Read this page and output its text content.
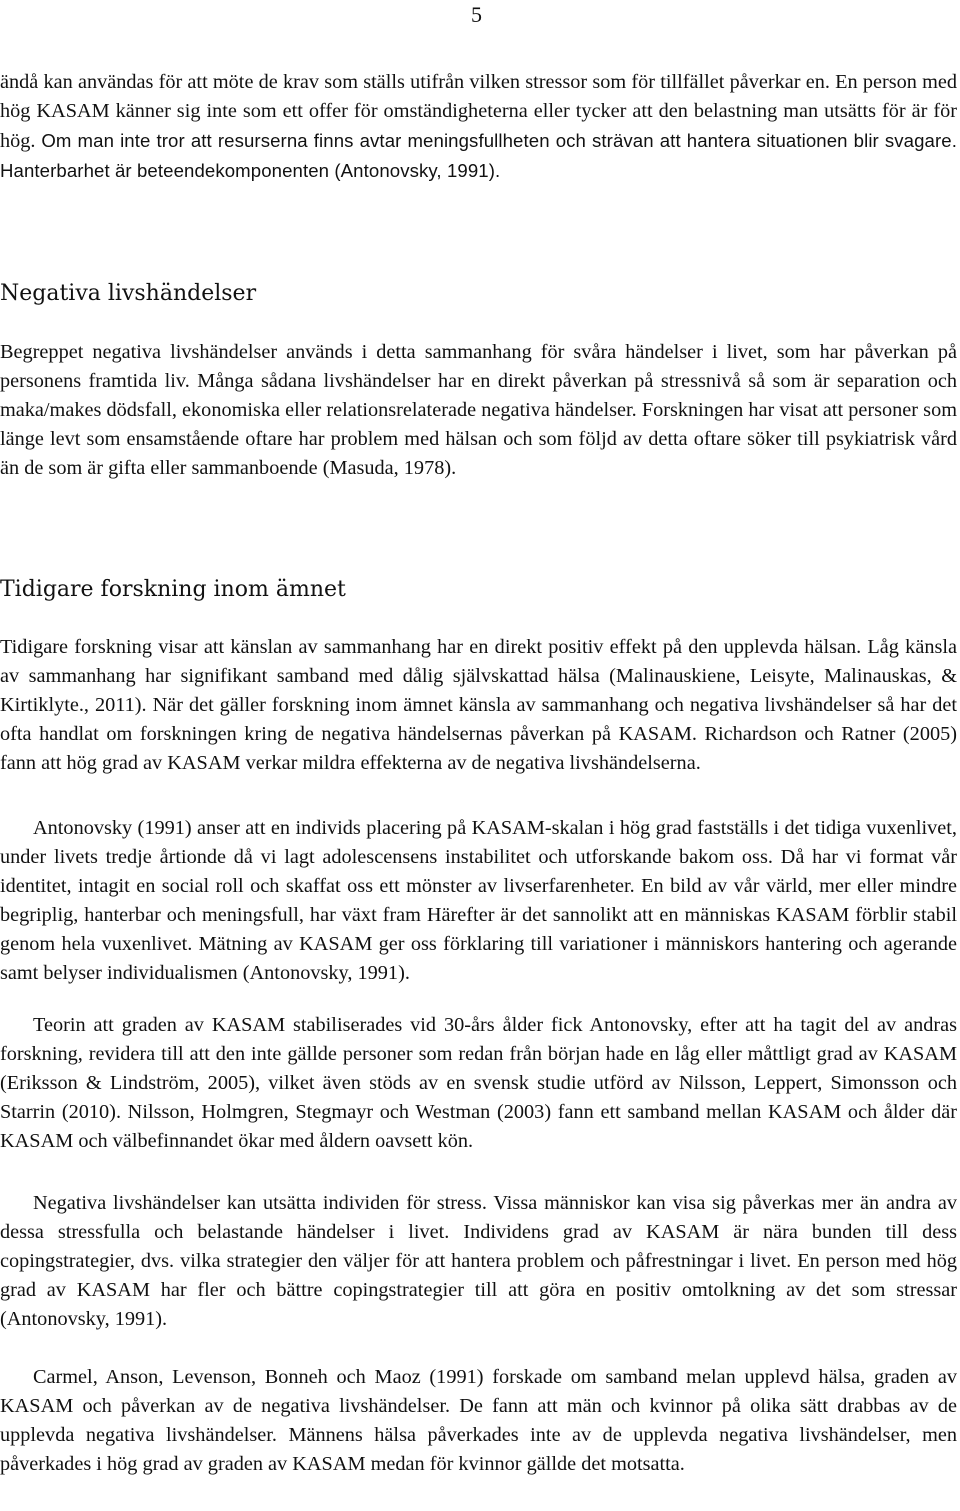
5

ändå kan användas för att möte de krav som ställs utifrån vilken stressor som för tillfället påverkar en. En person med hög KASAM känner sig inte som ett offer för omständigheterna eller tycker att den belastning man utsätts för är för hög. Om man inte tror att resurserna finns avtar meningsfullheten och strävan att hantera situationen blir svagare. Hanterbarhet är beteendekomponenten (Antonovsky, 1991).

Negativa livshändelser

Begreppet negativa livshändelser används i detta sammanhang för svåra händelser i livet, som har påverkan på personens framtida liv. Många sådana livshändelser har en direkt påverkan på stressnivå så som är separation och maka/makes dödsfall, ekonomiska eller relationsrelaterade negativa händelser. Forskningen har visat att personer som länge levt som ensamstående oftare har problem med hälsan och som följd av detta oftare söker till psykiatrisk vård än de som är gifta eller sammanboende (Masuda, 1978).

Tidigare forskning inom ämnet

Tidigare forskning visar att känslan av sammanhang har en direkt positiv effekt på den upplevda hälsan. Låg känsla av sammanhang har signifikant samband med dålig självskattad hälsa (Malinauskiene, Leisyte, Malinauskas, & Kirtiklyte., 2011). När det gäller forskning inom ämnet känsla av sammanhang och negativa livshändelser så har det ofta handlat om forskningen kring de negativa händelsernas påverkan på KASAM. Richardson och Ratner (2005) fann att hög grad av KASAM verkar mildra effekterna av de negativa livshändelserna.

Antonovsky (1991) anser att en individs placering på KASAM-skalan i hög grad fastställs i det tidiga vuxenlivet, under livets tredje årtionde då vi lagt adolescensens instabilitet och utforskande bakom oss. Då har vi format vår identitet, intagit en social roll och skaffat oss ett mönster av livserfarenheter. En bild av vår värld, mer eller mindre begriplig, hanterbar och meningsfull, har växt fram Härefter är det sannolikt att en människas KASAM förblir stabil genom hela vuxenlivet. Mätning av KASAM ger oss förklaring till variationer i människors hantering och agerande samt belyser individualismen (Antonovsky, 1991).

Teorin att graden av KASAM stabiliserades vid 30-års ålder fick Antonovsky, efter att ha tagit del av andras forskning, revidera till att den inte gällde personer som redan från början hade en låg eller måttligt grad av KASAM (Eriksson & Lindström, 2005), vilket även stöds av en svensk studie utförd av Nilsson, Leppert, Simonsson och Starrin (2010). Nilsson, Holmgren, Stegmayr och Westman (2003) fann ett samband mellan KASAM och ålder där KASAM och välbefinnandet ökar med åldern oavsett kön.

Negativa livshändelser kan utsätta individen för stress. Vissa människor kan visa sig påverkas mer än andra av dessa stressfulla och belastande händelser i livet. Individens grad av KASAM är nära bunden till dess copingstrategier, dvs. vilka strategier den väljer för att hantera problem och påfrestningar i livet. En person med hög grad av KASAM har fler och bättre copingstrategier till att göra en positiv omtolkning av det som stressar (Antonovsky, 1991).

Carmel, Anson, Levenson, Bonneh och Maoz (1991) forskade om samband melan upplevd hälsa, graden av KASAM och påverkan av de negativa livshändelser. De fann att män och kvinnor på olika sätt drabbas av de upplevda negativa livshändelser. Männens hälsa påverkades inte av de upplevda negativa livshändelser, men påverkades i hög grad av graden av KASAM medan för kvinnor gällde det motsatta.
